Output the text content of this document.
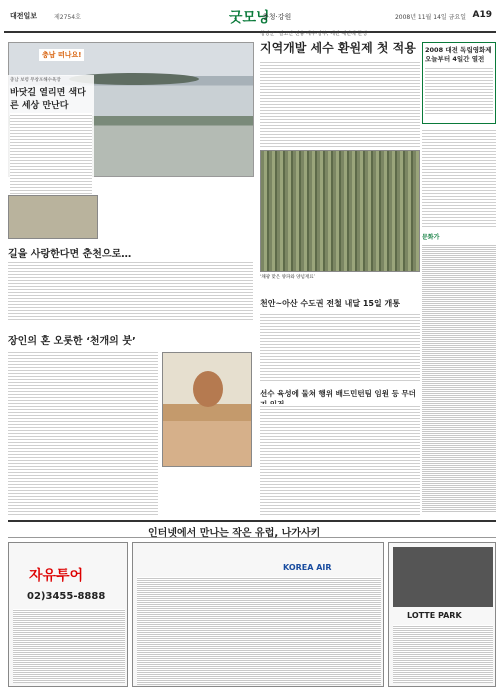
대전일보	제2754호	굿모닝
충청·강원	2008년 11월 14일 금요일 A19
충남 떠나요!
충남 보령 무창포해수욕장
바닷길 열리면 색다른 세상 만난다
길을 사랑한다면 춘천으로…
장인의 혼 오롯한 ‘천개의 붓’
청양군 “결코안 전용 세수·양부, 네번 예년해 한정”
지역개발 세수 환원제 첫 적용
‘채광 맞은 양파와 양념재료’
천안~아산 수도권 전철 내달 15일 개통
선수 육성에 둘쳐 행위 배드민턴팀 임원 등 무더
2008 대전 독립영화제 오늘부터 4일간 열전
문화가
인터넷에서 만나는 작은 유럽, 나가사키
자유투어
02)3455-8888
KOREA AIR
LOTTE PARK
